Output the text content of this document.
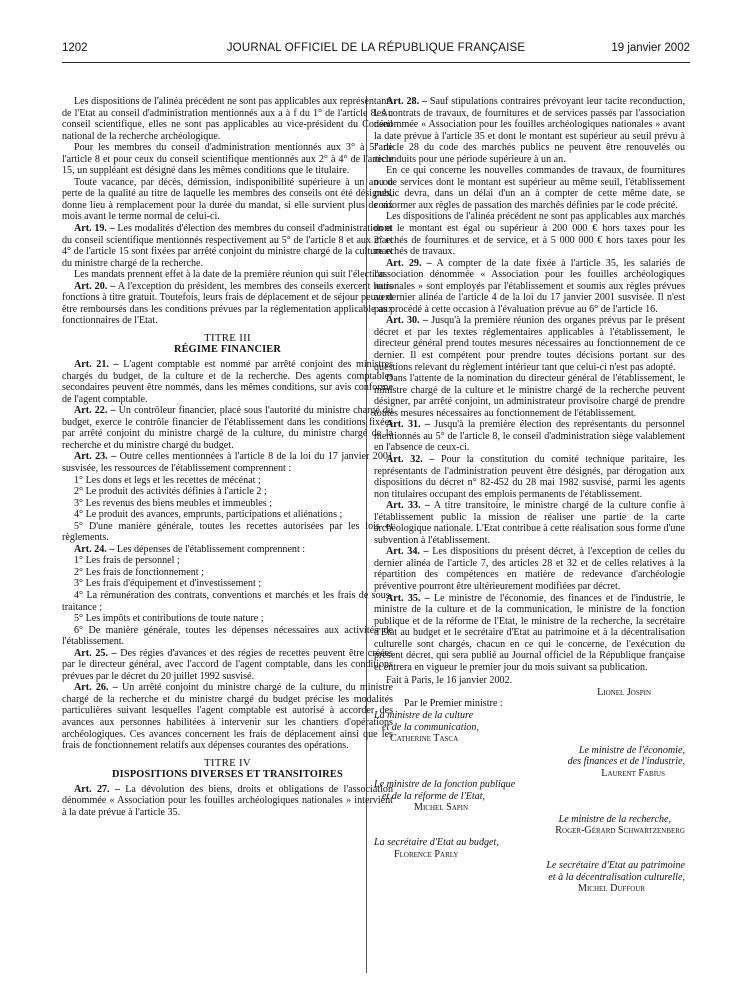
1202	JOURNAL OFFICIEL DE LA RÉPUBLIQUE FRANÇAISE	19 janvier 2002

Les dispositions de l'alinéa précédent ne sont pas applicables aux représentants de l'Etat au conseil d'administration mentionnés aux a à f du 1° de l'article 8. Au conseil scientifique, elles ne sont pas applicables au vice-président du Conseil national de la recherche archéologique.

Pour les membres du conseil d'administration mentionnés aux 3° à 5° de l'article 8 et pour ceux du conseil scientifique mentionnés aux 2° à 4° de l'article 15, un suppléant est désigné dans les mêmes conditions que le titulaire.

Toute vacance, par décès, démission, indisponibilité supérieure à un an ou perte de la qualité au titre de laquelle les membres des conseils ont été désignés, donne lieu à remplacement pour la durée du mandat, si elle survient plus de six mois avant le terme normal de celui-ci.

Art. 19. – Les modalités d'élection des membres du conseil d'administration et du conseil scientifique mentionnés respectivement au 5° de l'article 8 et aux 2° et 4° de l'article 15 sont fixées par arrêté conjoint du ministre chargé de la culture et du ministre chargé de la recherche.

Les mandats prennent effet à la date de la première réunion qui suit l'élection.

Art. 20. – A l'exception du président, les membres des conseils exercent leurs fonctions à titre gratuit. Toutefois, leurs frais de déplacement et de séjour peuvent être remboursés dans les conditions prévues par la réglementation applicable aux fonctionnaires de l'Etat.

TITRE III

RÉGIME FINANCIER

Art. 21. – L'agent comptable est nommé par arrêté conjoint des ministres chargés du budget, de la culture et de la recherche. Des agents comptables secondaires peuvent être nommés, dans les mêmes conditions, sur avis conforme de l'agent comptable.

Art. 22. – Un contrôleur financier, placé sous l'autorité du ministre chargé du budget, exerce le contrôle financier de l'établissement dans les conditions fixées par arrêté conjoint du ministre chargé de la culture, du ministre chargé de la recherche et du ministre chargé du budget.

Art. 23. – Outre celles mentionnées à l'article 8 de la loi du 17 janvier 2001 susvisée, les ressources de l'établissement comprennent :

1° Les dons et legs et les recettes de mécénat ;

2° Le produit des activités définies à l'article 2 ;

3° Les revenus des biens meubles et immeubles ;

4° Le produit des avances, emprunts, participations et aliénations ;

5° D'une manière générale, toutes les recettes autorisées par les lois et règlements.

Art. 24. – Les dépenses de l'établissement comprennent :

1° Les frais de personnel ;

2° Les frais de fonctionnement ;

3° Les frais d'équipement et d'investissement ;

4° La rémunération des contrats, conventions et marchés et les frais de sous-traitance ;

5° Les impôts et contributions de toute nature ;

6° De manière générale, toutes les dépenses nécessaires aux activités de l'établissement.

Art. 25. – Des régies d'avances et des régies de recettes peuvent être créées par le directeur général, avec l'accord de l'agent comptable, dans les conditions prévues par le décret du 20 juillet 1992 susvisé.

Art. 26. – Un arrêté conjoint du ministre chargé de la culture, du ministre chargé de la recherche et du ministre chargé du budget précise les modalités particulières suivant lesquelles l'agent comptable est autorisé à accorder des avances aux personnes habilitées à intervenir sur les chantiers d'opérations archéologiques. Ces avances concernent les frais de déplacement ainsi que les frais de fonctionnement relatifs aux dépenses courantes des opérations.

TITRE IV

DISPOSITIONS DIVERSES ET TRANSITOIRES

Art. 27. – La dévolution des biens, droits et obligations de l'association dénommée « Association pour les fouilles archéologiques nationales » intervient à la date prévue à l'article 35.

Art. 28. – Sauf stipulations contraires prévoyant leur tacite reconduction, les contrats de travaux, de fournitures et de services passés par l'association dénommée « Association pour les fouilles archéologiques nationales » avant la date prévue à l'article 35 et dont le montant est supérieur au seuil prévu à l'article 28 du code des marchés publics ne peuvent être renouvelés ou reconduits pour une période supérieure à un an.

En ce qui concerne les nouvelles commandes de travaux, de fournitures ou de services dont le montant est supérieur au même seuil, l'établissement public devra, dans un délai d'un an à compter de cette même date, se conformer aux règles de passation des marchés définies par le code précité.

Les dispositions de l'alinéa précédent ne sont pas applicables aux marchés dont le montant est égal ou supérieur à 200 000 € hors taxes pour les marchés de fournitures et de service, et à 5 000 000 € hors taxes pour les marchés de travaux.

Art. 29. – A compter de la date fixée à l'article 35, les salariés de l'association dénommée « Association pour les fouilles archéologiques nationales » sont employés par l'établissement et soumis aux règles prévues au dernier alinéa de l'article 4 de la loi du 17 janvier 2001 susvisée. Il n'est pas procédé à cette occasion à l'évaluation prévue au 6° de l'article 16.

Art. 30. – Jusqu'à la première réunion des organes prévus par le présent décret et par les textes réglementaires applicables à l'établissement, le directeur général prend toutes mesures nécessaires au fonctionnement de ce dernier. Il est compétent pour prendre toutes décisions portant sur des questions relevant du règlement intérieur tant que celui-ci n'est pas adopté.

Dans l'attente de la nomination du directeur général de l'établissement, le ministre chargé de la culture et le ministre chargé de la recherche peuvent désigner, par arrêté conjoint, un administrateur provisoire chargé de prendre toutes mesures nécessaires au fonctionnement de l'établissement.

Art. 31. – Jusqu'à la première élection des représentants du personnel mentionnés au 5° de l'article 8, le conseil d'administration siège valablement en l'absence de ceux-ci.

Art. 32. – Pour la constitution du comité technique paritaire, les représentants de l'administration peuvent être désignés, par dérogation aux dispositions du décret n° 82-452 du 28 mai 1982 susvisé, parmi les agents non titulaires occupant des emplois permanents de l'établissement.

Art. 33. – A titre transitoire, le ministre chargé de la culture confie à l'établissement public la mission de réaliser une partie de la carte archéologique nationale. L'Etat contribue à cette réalisation sous forme d'une subvention à l'établissement.

Art. 34. – Les dispositions du présent décret, à l'exception de celles du dernier alinéa de l'article 7, des articles 28 et 32 et de celles relatives à la répartition des compétences en matière de redevance d'archéologie préventive pourront être ultérieurement modifiées par décret.

Art. 35. – Le ministre de l'économie, des finances et de l'industrie, le ministre de la culture et de la communication, le ministre de la fonction publique et de la réforme de l'Etat, le ministre de la recherche, la secrétaire d'Etat au budget et le secrétaire d'Etat au patrimoine et à la décentralisation culturelle sont chargés, chacun en ce qui le concerne, de l'exécution du présent décret, qui sera publié au Journal officiel de la République française et entrera en vigueur le premier jour du mois suivant sa publication.

Fait à Paris, le 16 janvier 2002.
Lionel Jospin
Par le Premier ministre :
La ministre de la culture
et de la communication,
Catherine Tasca
Le ministre de l'économie,
des finances et de l'industrie,
Laurent Fabius
Le ministre de la fonction publique
et de la réforme de l'Etat,
Michel Sapin
Le ministre de la recherche,
Roger-Gérard Schwartzenberg
La secrétaire d'Etat au budget,
Florence Parly
Le secrétaire d'Etat au patrimoine
et à la décentralisation culturelle,
Michel Duffour
